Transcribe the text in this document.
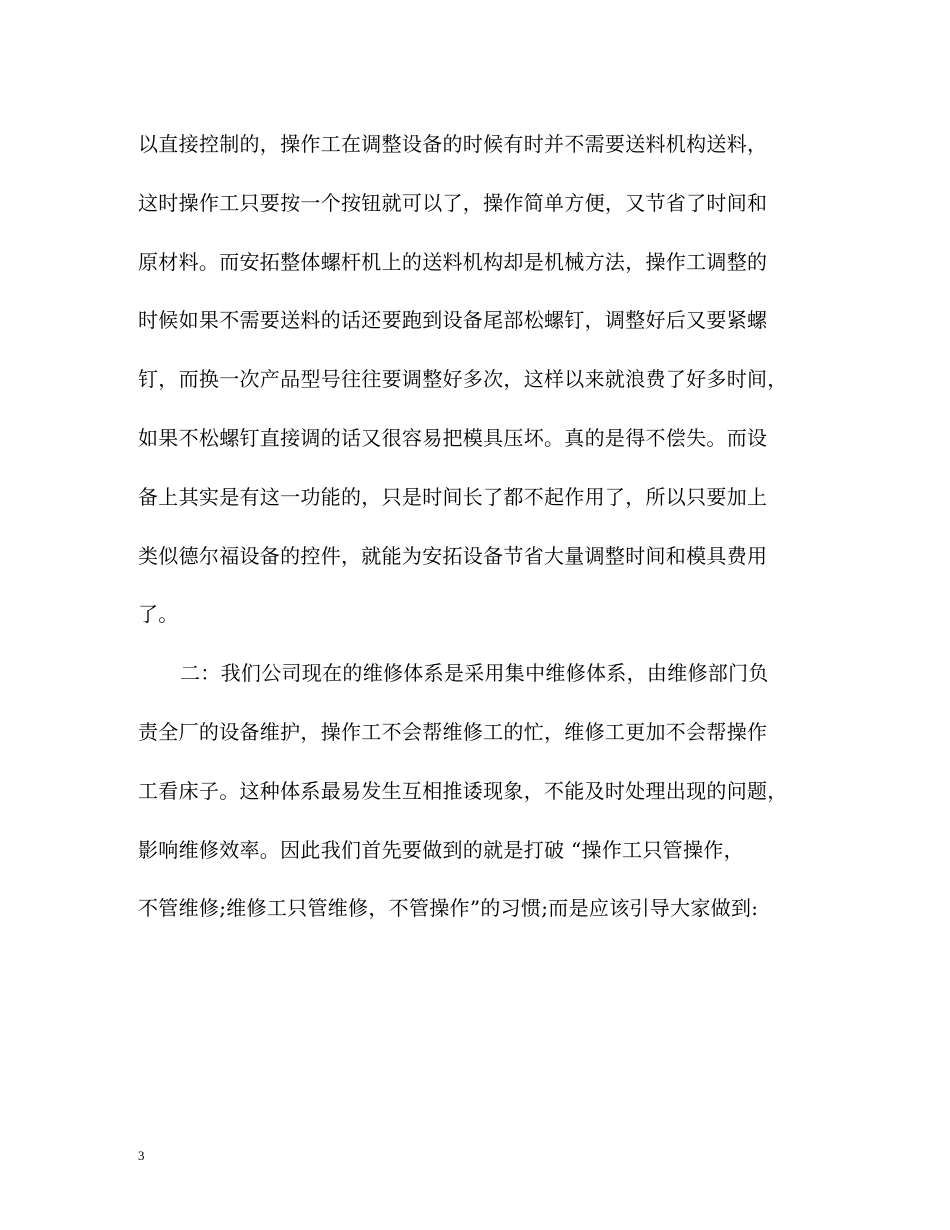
以直接控制的，操作工在调整设备的时候有时并不需要送料机构送料，
这时操作工只要按一个按钮就可以了，操作简单方便，又节省了时间和
原材料。而安拓整体螺杆机上的送料机构却是机械方法，操作工调整的
时候如果不需要送料的话还要跑到设备尾部松螺钉，调整好后又要紧螺
钉，而换一次产品型号往往要调整好多次，这样以来就浪费了好多时间，
如果不松螺钉直接调的话又很容易把模具压坏。真的是得不偿失。而设
备上其实是有这一功能的，只是时间长了都不起作用了，所以只要加上
类似德尔福设备的控件，就能为安拓设备节省大量调整时间和模具费用
了。
二：我们公司现在的维修体系是采用集中维修体系，由维修部门负
责全厂的设备维护，操作工不会帮维修工的忙，维修工更加不会帮操作
工看床子。这种体系最易发生互相推诿现象，不能及时处理出现的问题，
影响维修效率。因此我们首先要做到的就是打破 “操作工只管操作，
不管维修;维修工只管维修，不管操作”的习惯;而是应该引导大家做到:
3
